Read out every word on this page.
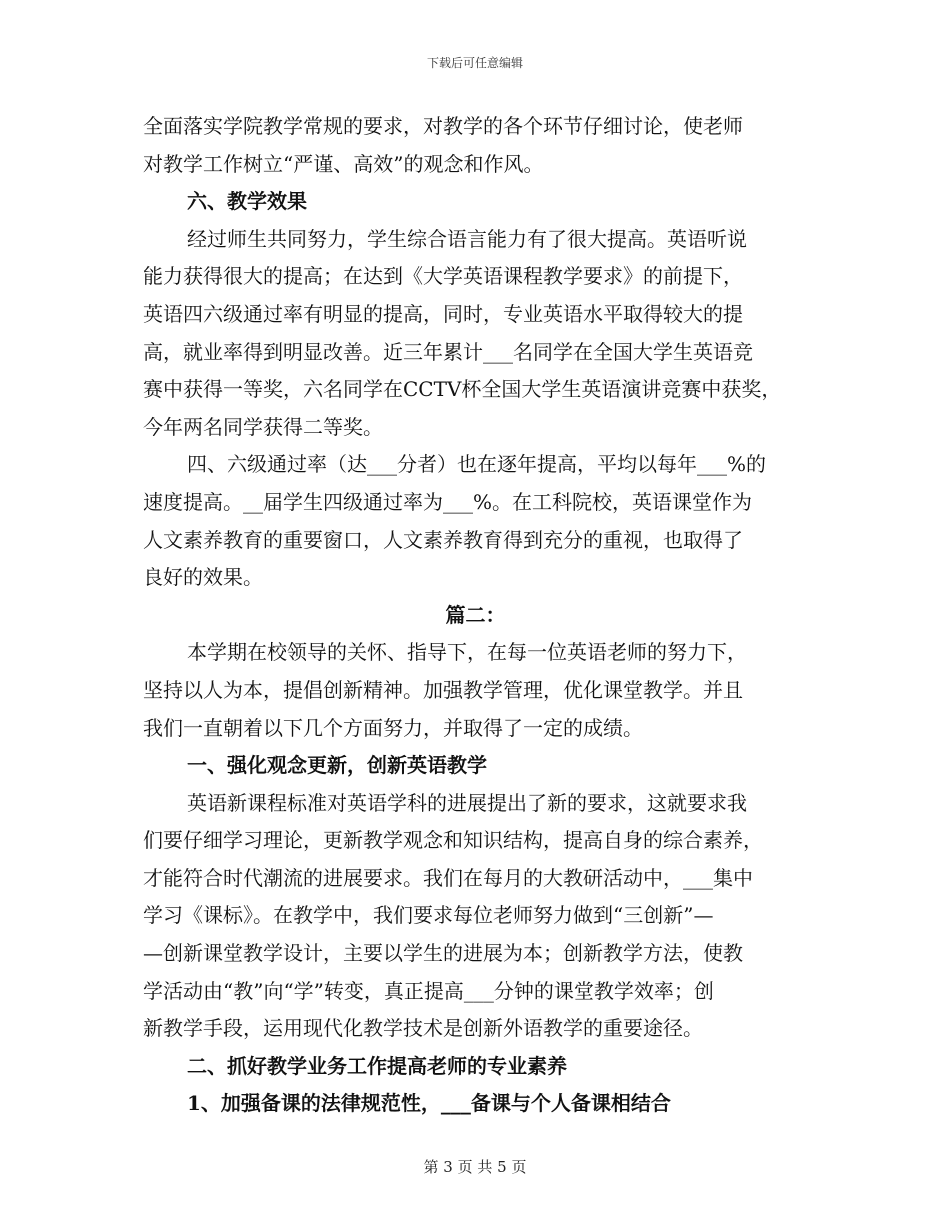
下载后可任意编辑
全面落实学院教学常规的要求，对教学的各个环节仔细讨论，使老师
对教学工作树立“严谨、高效”的观念和作风。
六、教学效果
经过师生共同努力，学生综合语言能力有了很大提高。英语听说
能力获得很大的提高；在达到《大学英语课程教学要求》的前提下，
英语四六级通过率有明显的提高，同时，专业英语水平取得较大的提
高，就业率得到明显改善。近三年累计___名同学在全国大学生英语竞
赛中获得一等奖，六名同学在CCTV杯全国大学生英语演讲竞赛中获奖，
今年两名同学获得二等奖。
四、六级通过率（达___分者）也在逐年提高，平均以每年___%的
速度提高。__届学生四级通过率为___%。在工科院校，英语课堂作为
人文素养教育的重要窗口，人文素养教育得到充分的重视，也取得了
良好的效果。
篇二：
本学期在校领导的关怀、指导下，在每一位英语老师的努力下，
坚持以人为本，提倡创新精神。加强教学管理，优化课堂教学。并且
我们一直朝着以下几个方面努力，并取得了一定的成绩。
一、强化观念更新，创新英语教学
英语新课程标准对英语学科的进展提出了新的要求，这就要求我
们要仔细学习理论，更新教学观念和知识结构，提高自身的综合素养，
才能符合时代潮流的进展要求。我们在每月的大教研活动中，___集中
学习《课标》。在教学中，我们要求每位老师努力做到“三创新”—
—创新课堂教学设计，主要以学生的进展为本；创新教学方法，使教
学活动由“教”向“学”转变，真正提高___分钟的课堂教学效率；创
新教学手段，运用现代化教学技术是创新外语教学的重要途径。
二、抓好教学业务工作提高老师的专业素养
1、加强备课的法律规范性，___备课与个人备课相结合
第 3 页 共 5 页
